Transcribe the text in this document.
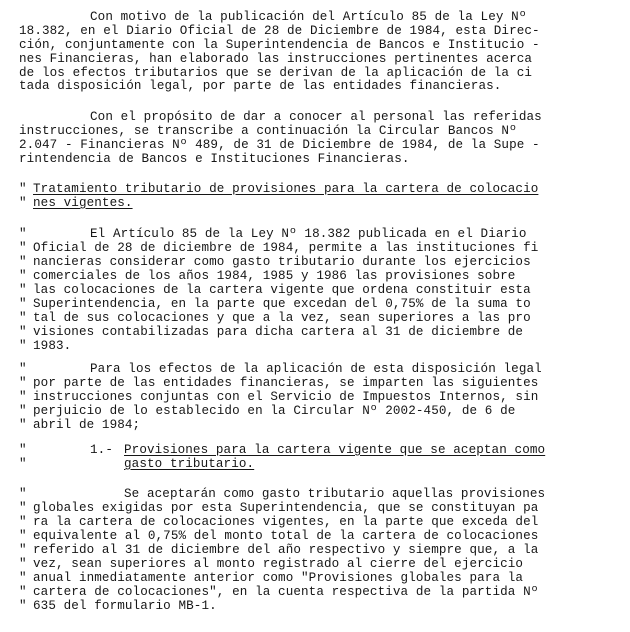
Con motivo de la publicación del Artículo 85 de la Ley Nº
18.382, en el Diario Oficial de 28 de Diciembre de 1984, esta Direc-
ción, conjuntamente con la Superintendencia de Bancos e Institucio -
nes Financieras, han elaborado las instrucciones pertinentes acerca
de los efectos tributarios que se derivan de la aplicación de la ci
tada disposición legal, por parte de las entidades financieras.
Con el propósito de dar a conocer al personal las referidas
instrucciones, se transcribe a continuación la Circular Bancos Nº
2.047 - Financieras Nº 489, de 31 de Diciembre de 1984, de la Supe -
rintendencia de Bancos e Instituciones Financieras.
" Tratamiento tributario de provisiones para la cartera de colocacio
" nes vigentes.
"	El Artículo 85 de la Ley Nº 18.382 publicada en el Diario
" Oficial de 28 de diciembre de 1984, permite a las instituciones fi
" nancieras considerar como gasto tributario durante los ejercicios
" comerciales de los años 1984, 1985 y 1986 las provisiones sobre
" las colocaciones de la cartera vigente que ordena constituir esta
" Superintendencia, en la parte que excedan del 0,75% de la suma to
" tal de sus colocaciones y que a la vez, sean superiores a las pro
" visiones contabilizadas para dicha cartera al 31 de diciembre de
" 1983.
"	Para los efectos de la aplicación de esta disposición legal
" por parte de las entidades financieras, se imparten las siguientes
" instrucciones conjuntas con el Servicio de Impuestos Internos, sin
" perjuicio de lo establecido en la Circular Nº 2002-450, de 6 de
" abril de 1984;
"	1.- Provisiones para la cartera vigente que se aceptan como
"	gasto tributario.
"	Se aceptarán como gasto tributario aquellas provisiones
" globales exigidas por esta Superintendencia, que se constituyan pa
" ra la cartera de colocaciones vigentes, en la parte que exceda del
" equivalente al 0,75% del monto total de la cartera de colocaciones
" referido al 31 de diciembre del año respectivo y siempre que, a la
" vez, sean superiores al monto registrado al cierre del ejercicio
" anual inmediatamente anterior como "Provisiones globales para la
" cartera de colocaciones", en la cuenta respectiva de la partida Nº
" 635 del formulario MB-1.
